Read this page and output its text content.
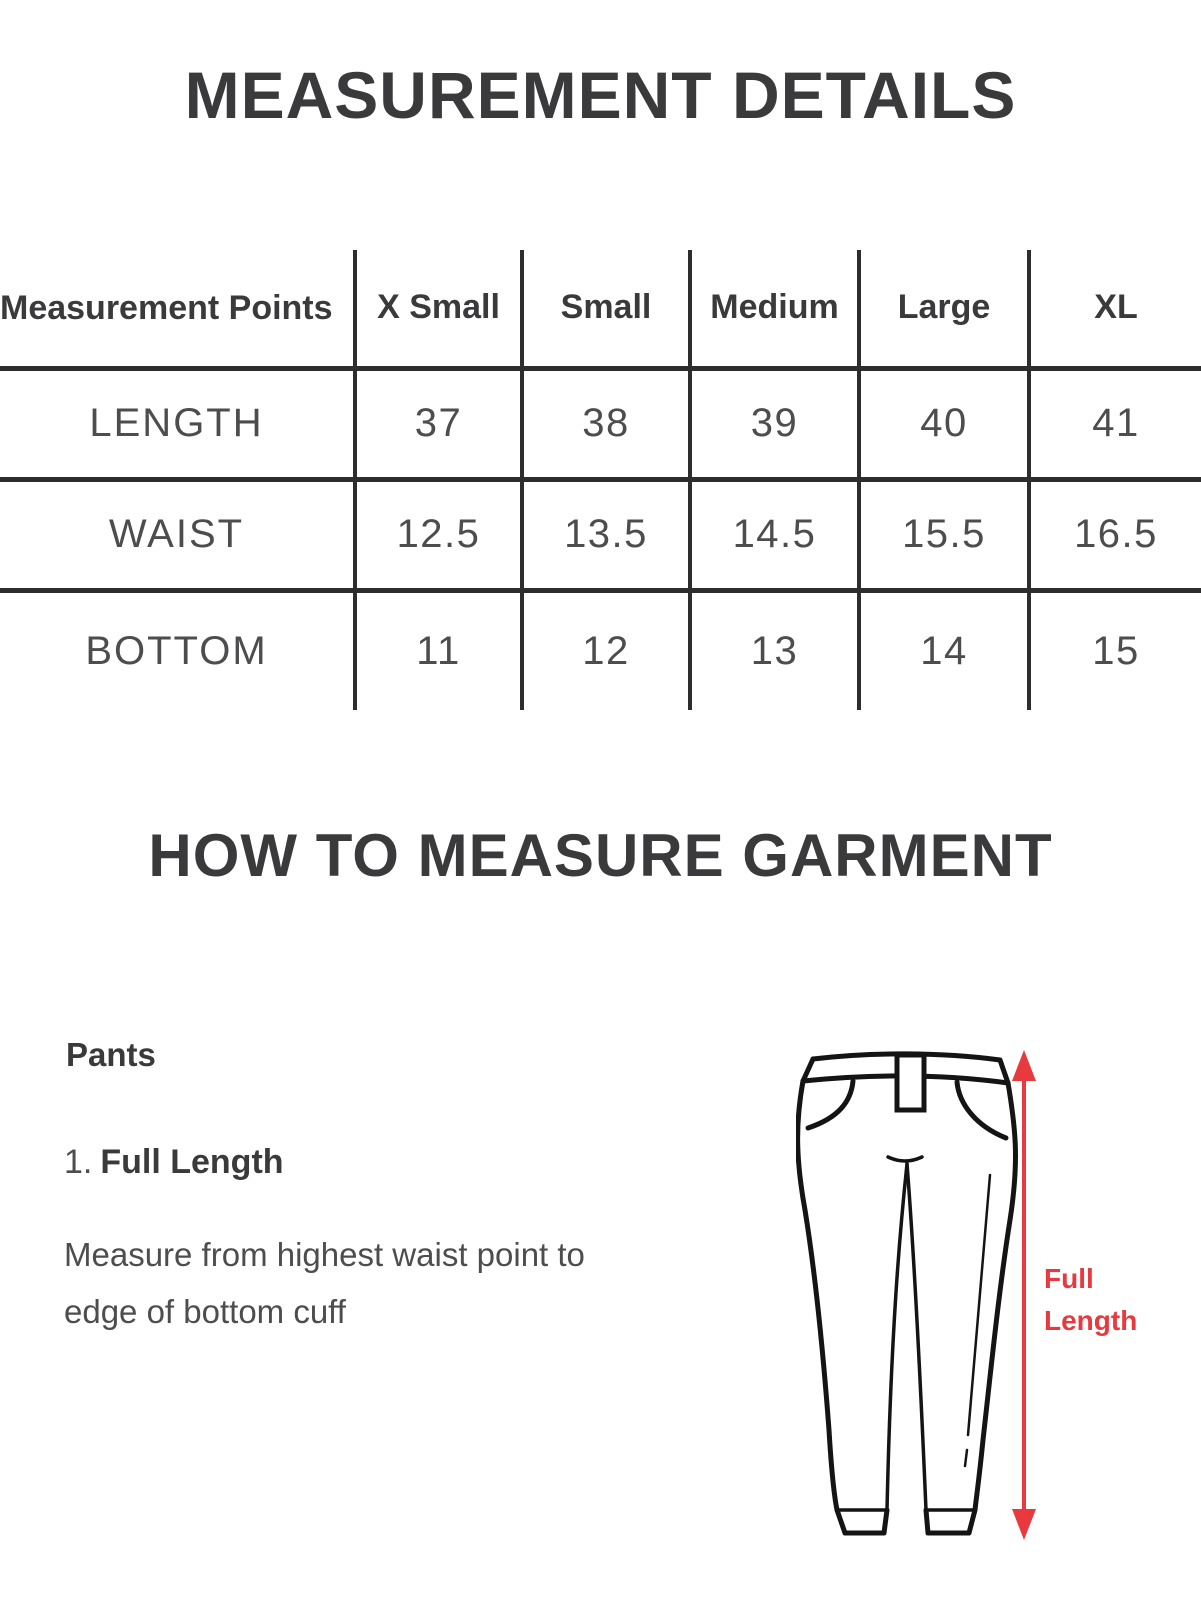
MEASUREMENT DETAILS
Measurement Points	X Small	Small	Medium	Large	XL
LENGTH	37	38	39	40	41
WAIST	12.5	13.5	14.5	15.5	16.5
BOTTOM	11	12	13	14	15
HOW TO MEASURE GARMENT
Pants
1. Full Length
Measure from highest waist point to
edge of bottom cuff
Full
Length
